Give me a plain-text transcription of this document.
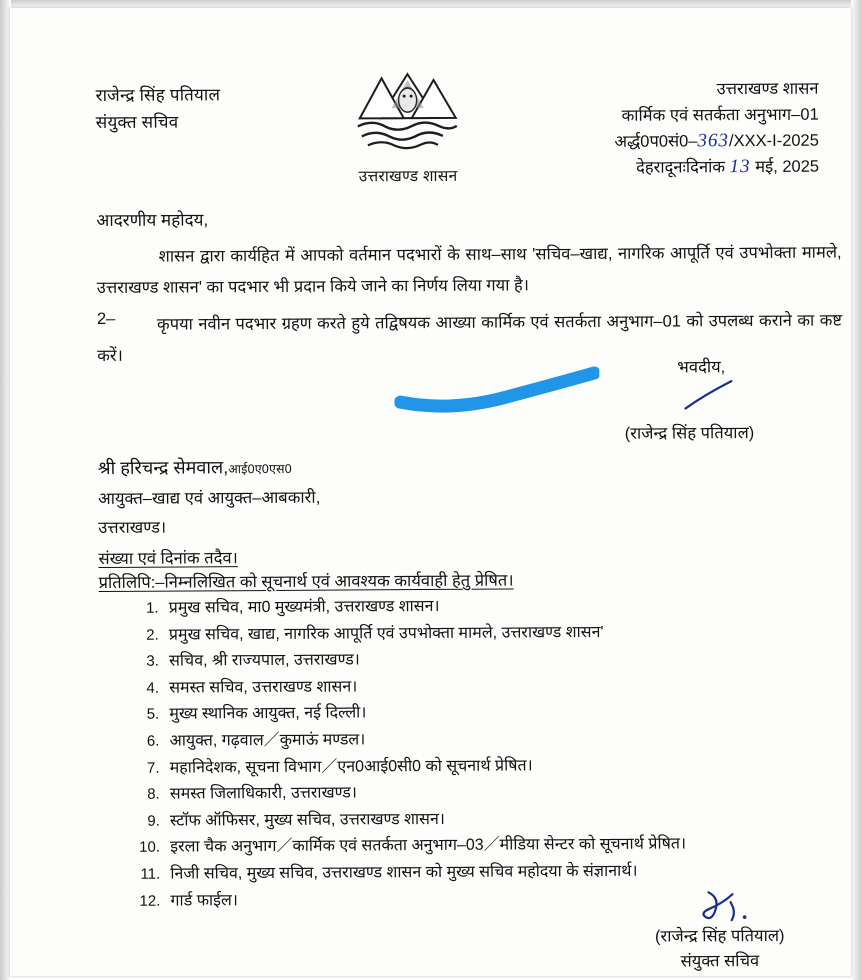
राजेन्द्र सिंह पतियाल
संयुक्त सचिव
उत्तराखण्ड शासन
उत्तराखण्ड शासन
कार्मिक एवं सतर्कता अनुभाग–01
अर्द्ध0प0सं0–363/XXX-I-2025
देहरादूनःदिनांक 13 मई, 2025
आदरणीय महोदय,
शासन द्वारा कार्यहित में आपको वर्तमान पदभारों के साथ–साथ 'सचिव–खाद्य, नागरिक आपूर्ति एवं उपभोक्ता मामले, उत्तराखण्ड शासन' का पदभार भी प्रदान किये जाने का निर्णय लिया गया है।
2–	कृपया नवीन पदभार ग्रहण करते हुये तद्विषयक आख्या कार्मिक एवं सतर्कता अनुभाग–01 को उपलब्ध कराने का कष्ट करें।
भवदीय,
(राजेन्द्र सिंह पतियाल)
श्री हरिचन्द्र सेमवाल,आई0ए0एस0
आयुक्त–खाद्य एवं आयुक्त–आबकारी,
उत्तराखण्ड।
संख्या एवं दिनांक तदैव।
प्रतिलिपि:–निम्नलिखित को सूचनार्थ एवं आवश्यक कार्यवाही हेतु प्रेषित।
1. प्रमुख सचिव, मा0 मुख्यमंत्री, उत्तराखण्ड शासन।
2. प्रमुख सचिव, खाद्य, नागरिक आपूर्ति एवं उपभोक्ता मामले, उत्तराखण्ड शासन'
3. सचिव, श्री राज्यपाल, उत्तराखण्ड।
4. समस्त सचिव, उत्तराखण्ड शासन।
5. मुख्य स्थानिक आयुक्त, नई दिल्ली।
6. आयुक्त, गढ़वाल／कुमाऊं मण्डल।
7. महानिदेशक, सूचना विभाग／एन0आई0सी0 को सूचनार्थ प्रेषित।
8. समस्त जिलाधिकारी, उत्तराखण्ड।
9. स्टॉफ ऑफिसर, मुख्य सचिव, उत्तराखण्ड शासन।
10. इरला चैक अनुभाग／कार्मिक एवं सतर्कता अनुभाग–03／मीडिया सेन्टर को सूचनार्थ प्रेषित।
11. निजी सचिव, मुख्य सचिव, उत्तराखण्ड शासन को मुख्य सचिव महोदया के संज्ञानार्थ।
12. गार्ड फाईल।
(राजेन्द्र सिंह पतियाल)
संयुक्त सचिव
